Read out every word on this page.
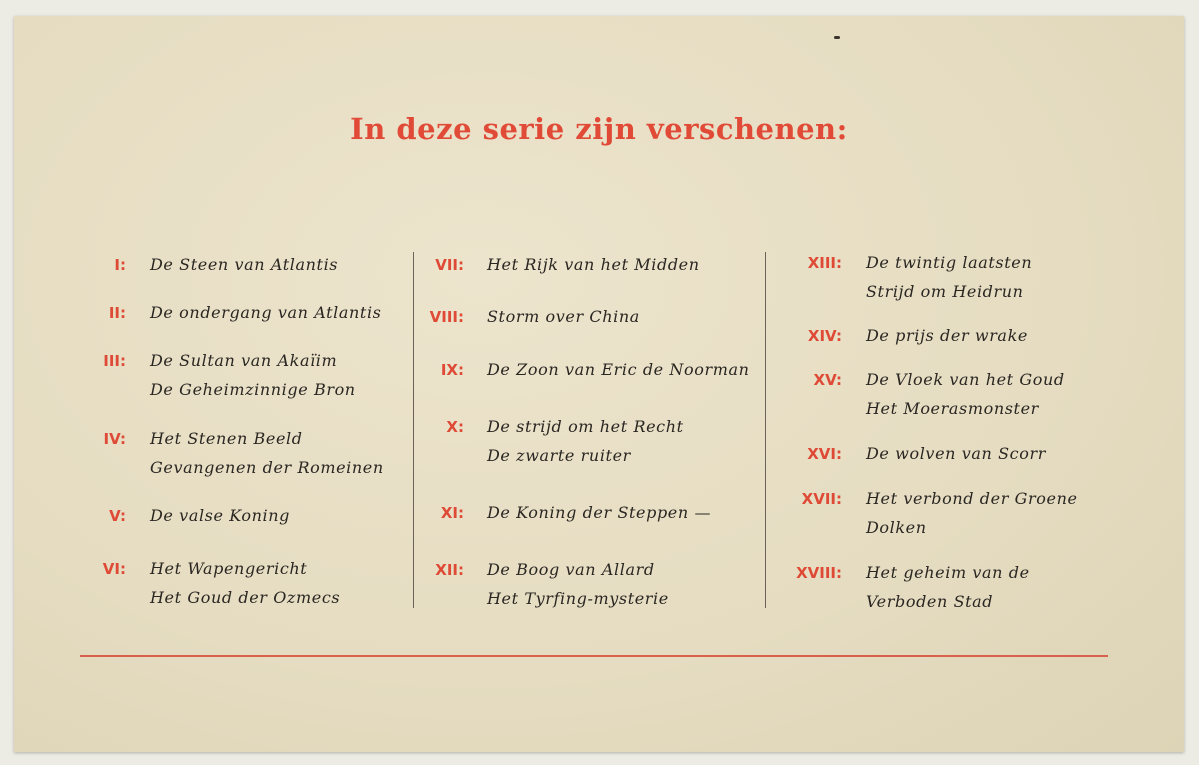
In deze serie zijn verschenen:
I: De Steen van Atlantis
II: De ondergang van Atlantis
III: De Sultan van Akaïim
De Geheimzinnige Bron
IV: Het Stenen Beeld
Gevangenen der Romeinen
V: De valse Koning
VI: Het Wapengericht
Het Goud der Ozmecs
VII: Het Rijk van het Midden
VIII: Storm over China
IX: De Zoon van Eric de Noorman
X: De strijd om het Recht
De zwarte ruiter
XI: De Koning der Steppen —
XII: De Boog van Allard
Het Tyrfing-mysterie
XIII: De twintig laatsten
Strijd om Heidrun
XIV: De prijs der wrake
XV: De Vloek van het Goud
Het Moerasmonster
XVI: De wolven van Scorr
XVII: Het verbond der Groene
Dolken
XVIII: Het geheim van de
Verboden Stad
